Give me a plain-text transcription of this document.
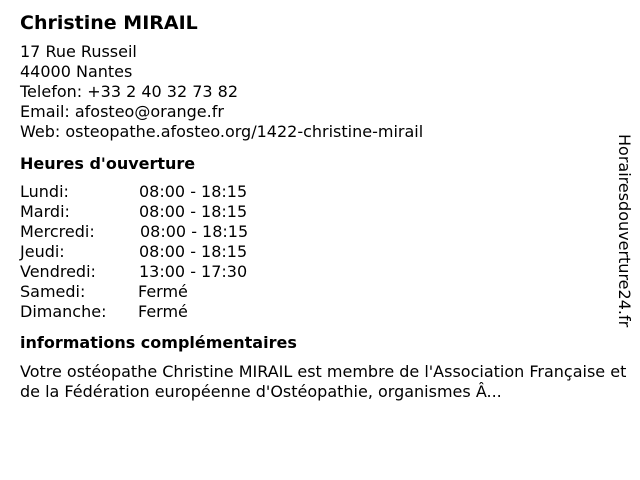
Christine MIRAIL
17 Rue Russeil
44000 Nantes
Telefon: +33 2 40 32 73 82
Email: afosteo@orange.fr
Web: osteopathe.afosteo.org/1422-christine-mirail
Heures d'ouverture
Lundi:	08:00 - 18:15
Mardi:	08:00 - 18:15
Mercredi:	08:00 - 18:15
Jeudi:	08:00 - 18:15
Vendredi:	13:00 - 17:30
Samedi:	Fermé
Dimanche: Fermé
informations complémentaires
Votre ostéopathe Christine MIRAIL est membre de l'Association Française et de la Fédération européenne d'Ostéopathie, organismes Â...
Horairesdouverture24.fr
